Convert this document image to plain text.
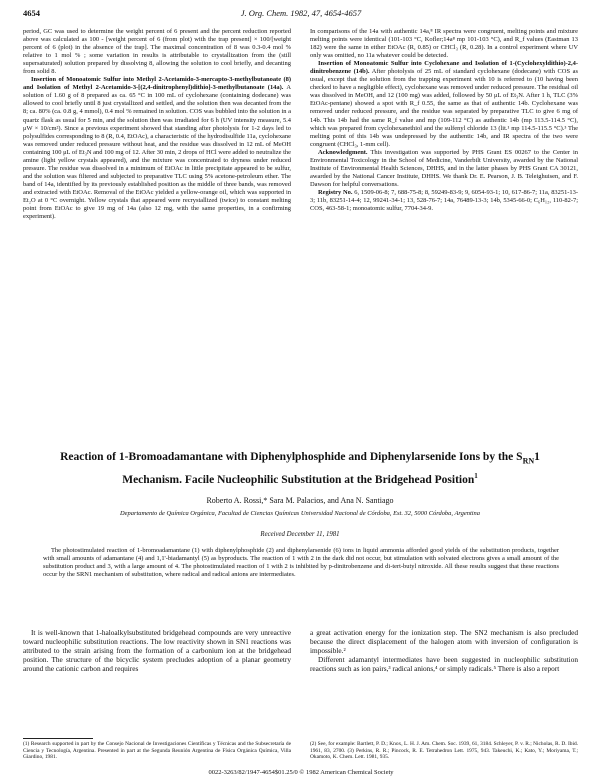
4654	J. Org. Chem. 1982, 47, 4654-4657

period, GC was used to determine the weight percent of 6 present and the percent reduction reported above was calculated as 100 - [weight percent of 6 (from plot) with the trap present] × 100/[weight percent of 6 (plot) in the absence of the trap]. The maximal concentration of 8 was 0.3-0.4 mol % relative to 1 mol % ; some variation in results is attributable to crystallization from the (still supersaturated) solution prepared by dissolving 8, allowing the solution to cool briefly, and decanting from solid 8.

Insertion of Monoatomic Sulfur into Methyl 2-Acetamido-3-mercapto-3-methylbutanoate (8) and Isolation of Methyl 2-Acetamido-3-[(2,4-dinitrophenyl)dithio]-3-methylbutanoate (14a). A solution of 1.60 g of 8 prepared as ca. 65 °C in 100 mL of cyclohexane (containing dodecane) was allowed to cool briefly until 8 just crystallized and settled, and the solution then was decanted from the 8; ca. 80% (ca. 0.8 g, 4 mmol), 0.4 mol % remained in solution. COS was bubbled into the solution in a quartz flask as usual for 5 min, and the solution then was irradiated for 6 h (UV intensity measure, 5.4 μW × 10/cm²). Since a previous experiment showed that standing after photolysis for 1-2 days led to polysulfides corresponding to 8 (R, 0.4, EtOAc), a characteristic of the hydrodisulfide 11a, cyclohexane was removed under reduced pressure without heat, and the residue was dissolved in 12 mL of MeOH containing 100 μL of Et₃N and 100 mg of 12. After 30 min, 2 drops of HCl were added to neutralize the amine (light yellow crystals appeared), and the mixture was concentrated to dryness under reduced pressure. The residue was dissolved in a minimum of EtOAc in little precipitate appeared to be sulfur, and the solution was filtered and subjected to preparative TLC using 5% acetone-petroleum ether. The band of 14a, identified by its previously established position as the middle of three bands, was removed and extracted with EtOAc. Removal of the EtOAc yielded a yellow-orange oil, which was supported in Et₂O at 0 °C overnight. Yellow crystals that appeared were recrystallized (twice) to constant melting point from EtOAc to give 19 mg of 14a (also 12 mg, with the same properties, in a confirming experiment).

In comparisons of the 14a with authentic 14a,⁸ IR spectra were congruent, melting points and mixture melting points were identical (101-103 °C, Kofler;14a⁸ mp 101-103 °C), and R_f values (Eastman 13 182) were the same in either EtOAc (R, 0.85) or CHCl₃ (R, 0.28). In a control experiment where UV only was omitted, no 11a whatever could be detected.

Insertion of Monoatomic Sulfur into Cyclohexane and Isolation of 1-(Cyclohexyldithio)-2,4-dinitrobenzene (14b). After photolysis of 25 mL of standard cyclohexane (dodecane) with COS as usual, except that the solution from the trapping experiment with 10 is referred to (10 having been checked to have a negligible effect), cyclohexane was removed under reduced pressure. The residual oil was dissolved in MeOH, and 12 (100 mg) was added, followed by 50 μL of Et₃N. After 1 h, TLC (3% EtOAc-pentane) showed a spot with R_f 0.55, the same as that of authentic 14b. Cyclohexane was removed under reduced pressure, and the residue was separated by preparative TLC to give 6 mg of 14b. This 14b had the same R_f value and mp (109-112 °C) as authentic 14b (mp 113.5-114.5 °C), which was prepared from cyclohexanethiol and the sulfenyl chloride 13 (lit.¹ mp 114.5-115.5 °C).³ The melting point of this 14b was undepressed by the authentic 14b, and IR spectra of the two were congruent (CHCl₃, 1-mm cell).

Acknowledgment. This investigation was supported by PHS Grant ES 00267 to the Center in Environmental Toxicology in the School of Medicine, Vanderbilt University, awarded by the National Institute of Environmental Health Sciences, DHHS, and in the latter phases by PHS Grant CA 30121, awarded by the National Cancer Institute, DHHS. We thank Dr. E. Pearson, J. B. Teleighuisen, and F. Dawson for helpful conversations.

Registry No. 6, 1509-06-8; 7, 688-75-8; 8, 59249-83-9; 9, 6054-93-1; 10, 617-86-7; 11a, 83251-13-3; 11b, 83251-14-4; 12, 99241-34-1; 13, 528-76-7; 14a, 76489-13-3; 14b, 5345-66-0; C₆H₁₂, 110-82-7; COS, 463-58-1; monoatomic sulfur, 7704-34-9.

Reaction of 1-Bromoadamantane with Diphenylphosphide and Diphenylarsenide Ions by the $S_{RN}1$ Mechanism. Facile Nucleophilic Substitution at the Bridgehead Position$^1$
Roberto A. Rossi,* Sara M. Palacios, and Ana N. Santiago
Departamento de Química Orgánica, Facultad de Ciencias Químicas Universidad Nacional de Córdoba, Est. 32, 5000 Córdoba, Argentina
Received December 11, 1981
The photostimulated reaction of 1-bromoadamantane (1) with diphenylphosphide (2) and diphenylarsenide (6) ions in liquid ammonia afforded good yields of the substitution products, together with small amounts of adamantane (4) and 1,1'-biadamantyl (5) as byproducts. The reaction of 1 with 2 in the dark did not occur, but stimulation with solvated electrons gives a small amount of the substitution product and 3, with a large amount of 4. The photostimulated reaction of 1 with 2 is inhibited by p-dinitrobenzene and di-tert-butyl nitroxide. All these results suggest that these reactions occur by the SRN1 mechanism of substitution, where radical and radical anions are intermediates.

It is well-known that 1-haloalkylsubstituted bridgehead compounds are very unreactive toward nucleophilic substitution reactions. The low reactivity shown in SN1 reactions was attributed to the strain arising from the formation of a carbonium ion at the bridgehead position. The structure of the bicyclic system precludes adoption of a planar geometry around the cationic carbon and requires

a great activation energy for the ionization step. The SN2 mechanism is also precluded because the direct displacement of the halogen atom with inversion of configuration is impossible.²

Different adamantyl intermediates have been suggested in nucleophilic substitution reactions such as ion pairs,³ radical anions,⁴ or simply radicals.⁵ There is also a report

(1) Research supported in part by the Consejo Nacional de Investigaciones Científicas y Técnicas and the Subsecretaría de Ciencia y Tecnología, Argentina. Presented in part at the Segunda Reunión Argentina de Física Orgánica Química, Villa Giardino, 1981.
(2) See, for example: Bartlett, P. D.; Knox, L. H. J. Am. Chem. Soc. 1939, 61, 3184. Schleyer, P. v. R.; Nicholas, R. D. Ibid. 1961, 83, 2700. (3) Perkins, R. R.; Pincock, R. E. Tetrahedron Lett. 1975, 943. Takeuchi, K.; Kato, Y.; Moriyama, T.; Okamoto, K. Chem. Lett. 1981, 935.
0022-3263/82/1947-4654$01.25/0 © 1982 American Chemical Society
